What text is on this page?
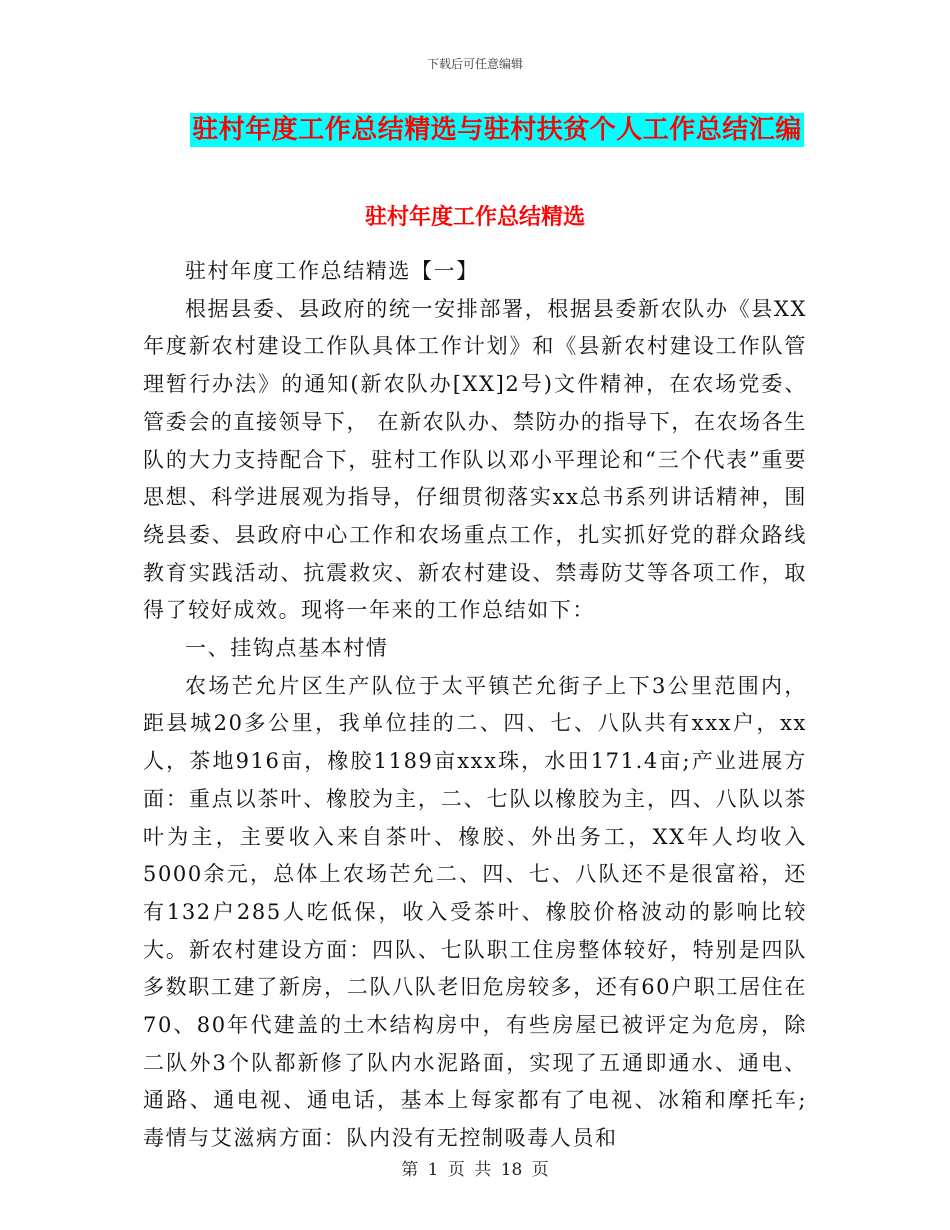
下载后可任意编辑
驻村年度工作总结精选与驻村扶贫个人工作总结汇编
驻村年度工作总结精选

驻村年度工作总结精选【一】

根据县委、县政府的统一安排部署，根据县委新农队办《县XX年度新农村建设工作队具体工作计划》和《县新农村建设工作队管理暂行办法》的通知(新农队办[XX]2号)文件精神，在农场党委、管委会的直接领导下， 在新农队办、禁防办的指导下，在农场各生队的大力支持配合下，驻村工作队以邓小平理论和“三个代表”重要思想、科学进展观为指导，仔细贯彻落实xx总书系列讲话精神，围绕县委、县政府中心工作和农场重点工作，扎实抓好党的群众路线教育实践活动、抗震救灾、新农村建设、禁毒防艾等各项工作，取得了较好成效。现将一年来的工作总结如下：

一、挂钩点基本村情

农场芒允片区生产队位于太平镇芒允街子上下3公里范围内，距县城20多公里，我单位挂的二、四、七、八队共有xxx户，xx人，茶地916亩，橡胶1189亩xxx珠，水田171.4亩;产业进展方面：重点以茶叶、橡胶为主，二、七队以橡胶为主，四、八队以茶叶为主，主要收入来自茶叶、橡胶、外出务工，XX年人均收入5000余元，总体上农场芒允二、四、七、八队还不是很富裕，还有132户285人吃低保，收入受茶叶、橡胶价格波动的影响比较大。新农村建设方面：四队、七队职工住房整体较好，特别是四队多数职工建了新房，二队八队老旧危房较多，还有60户职工居住在70、80年代建盖的土木结构房中，有些房屋已被评定为危房，除二队外3个队都新修了队内水泥路面，实现了五通即通水、通电、通路、通电视、通电话，基本上每家都有了电视、冰箱和摩托车;毒情与艾滋病方面：队内没有无控制吸毒人员和

第 1 页 共 18 页
